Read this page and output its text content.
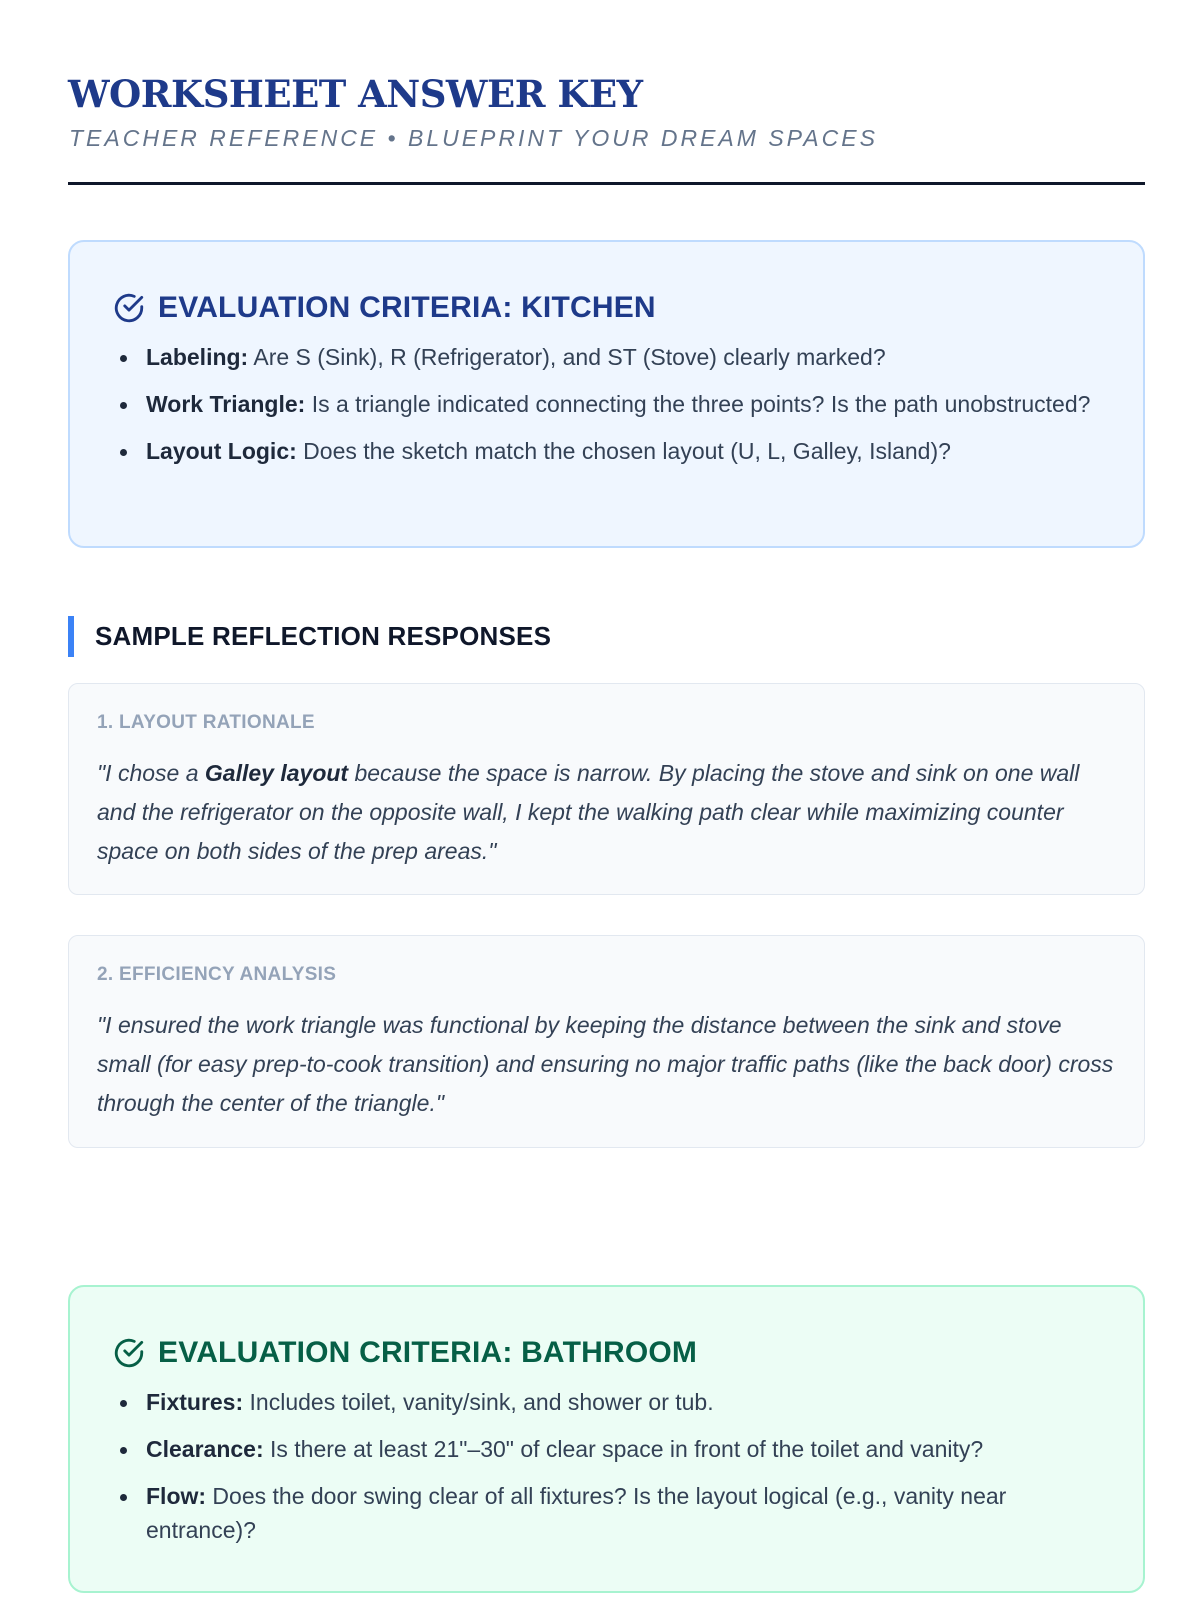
WORKSHEET ANSWER KEY
TEACHER REFERENCE • BLUEPRINT YOUR DREAM SPACES
EVALUATION CRITERIA: KITCHEN
Labeling: Are S (Sink), R (Refrigerator), and ST (Stove) clearly marked?
Work Triangle: Is a triangle indicated connecting the three points? Is the path unobstructed?
Layout Logic: Does the sketch match the chosen layout (U, L, Galley, Island)?
SAMPLE REFLECTION RESPONSES
1. LAYOUT RATIONALE

"I chose a Galley layout because the space is narrow. By placing the stove and sink on one wall and the refrigerator on the opposite wall, I kept the walking path clear while maximizing counter space on both sides of the prep areas."

2. EFFICIENCY ANALYSIS

"I ensured the work triangle was functional by keeping the distance between the sink and stove small (for easy prep-to-cook transition) and ensuring no major traffic paths (like the back door) cross through the center of the triangle."

EVALUATION CRITERIA: BATHROOM
Fixtures: Includes toilet, vanity/sink, and shower or tub.
Clearance: Is there at least 21"–30" of clear space in front of the toilet and vanity?
Flow: Does the door swing clear of all fixtures? Is the layout logical (e.g., vanity near entrance)?
